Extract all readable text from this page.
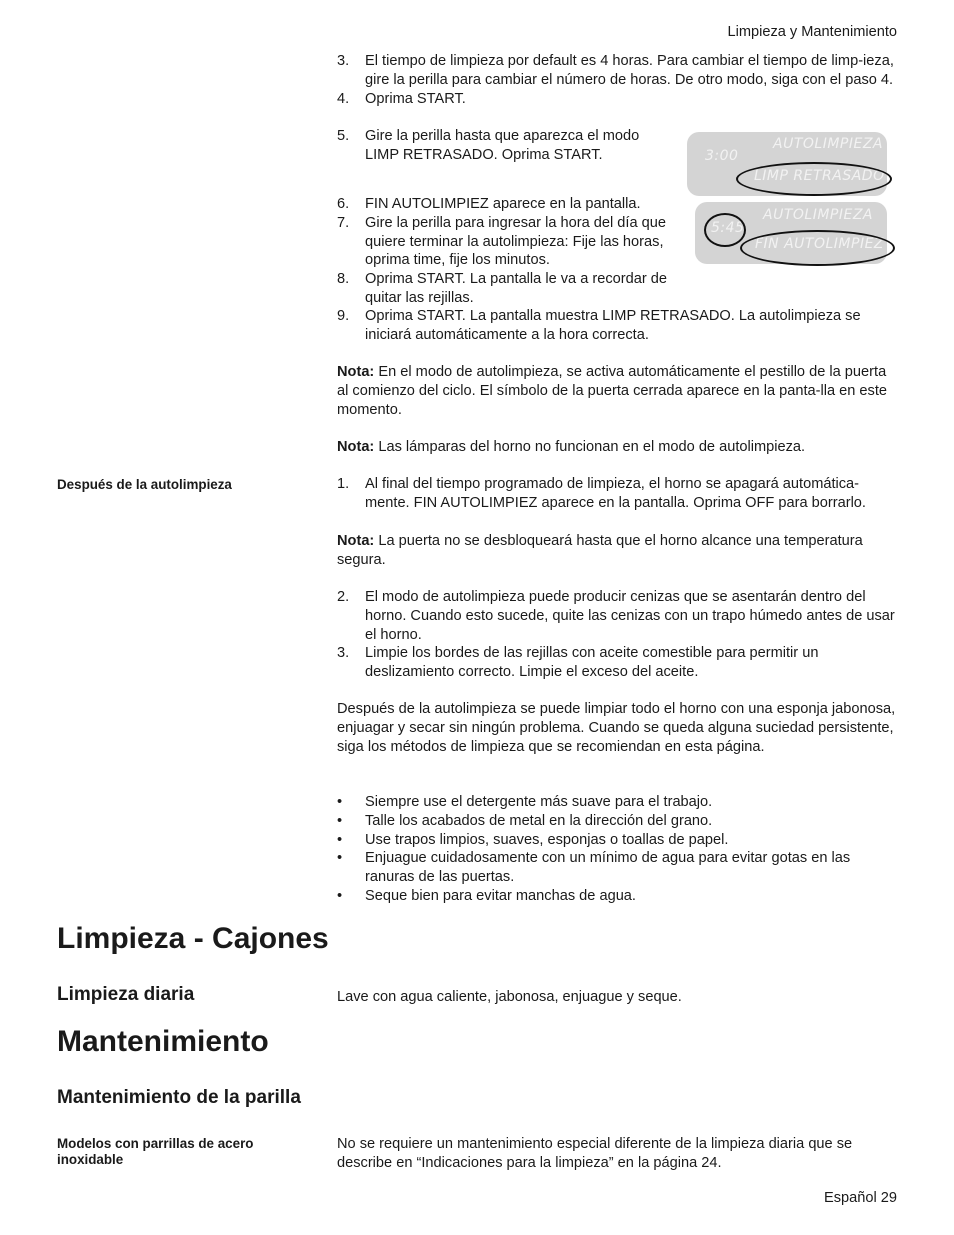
Limpieza y Mantenimiento
3. El tiempo de limpieza por default es 4 horas. Para cambiar el tiempo de limp-ieza, gire la perilla para cambiar el número de horas. De otro modo, siga con el paso 4.
4. Oprima START.
5. Gire la perilla hasta que aparezca el modo LIMP RETRASADO. Oprima START.
6. FIN AUTOLIMPIEZ aparece en la pantalla.
7. Gire la perilla para ingresar la hora del día que quiere terminar la autolimpieza: Fije las horas, oprima time, fije los minutos.
8. Oprima START. La pantalla le va a recordar de quitar las rejillas.
9. Oprima START. La pantalla muestra LIMP RETRASADO. La autolimpieza se iniciará automáticamente a la hora correcta.
3:00
AUTOLIMPIEZA
LIMP RETRASADO
5:45
AUTOLIMPIEZA
FIN AUTOLIMPIEZ
Nota: En el modo de autolimpieza, se activa automáticamente el pestillo de la puerta al comienzo del ciclo. El símbolo de la puerta cerrada aparece en la panta-lla en este momento.
Nota: Las lámparas del horno no funcionan en el modo de autolimpieza.
Después de la autolimpieza	1. Al final del tiempo programado de limpieza, el horno se apagará automática-mente. FIN AUTOLIMPIEZ aparece en la pantalla. Oprima OFF para borrarlo.
Nota: La puerta no se desbloqueará hasta que el horno alcance una temperatura segura.
2. El modo de autolimpieza puede producir cenizas que se asentarán dentro del horno. Cuando esto sucede, quite las cenizas con un trapo húmedo antes de usar el horno.
3. Limpie los bordes de las rejillas con aceite comestible para permitir un deslizamiento correcto. Limpie el exceso del aceite.
Después de la autolimpieza se puede limpiar todo el horno con una esponja jabonosa, enjuagar y secar sin ningún problema. Cuando se queda alguna suciedad persistente, siga los métodos de limpieza que se recomiendan en esta página.
• Siempre use el detergente más suave para el trabajo.
• Talle los acabados de metal en la dirección del grano.
• Use trapos limpios, suaves, esponjas o toallas de papel.
• Enjuague cuidadosamente con un mínimo de agua para evitar gotas en las ranuras de las puertas.
• Seque bien para evitar manchas de agua.
Limpieza - Cajones
Limpieza diaria	Lave con agua caliente, jabonosa, enjuague y seque.
Mantenimiento
Mantenimiento de la parilla
Modelos con parrillas de acero inoxidable
No se requiere un mantenimiento especial diferente de la limpieza diaria que se describe en “Indicaciones para la limpieza” en la página 24.
Español 29
